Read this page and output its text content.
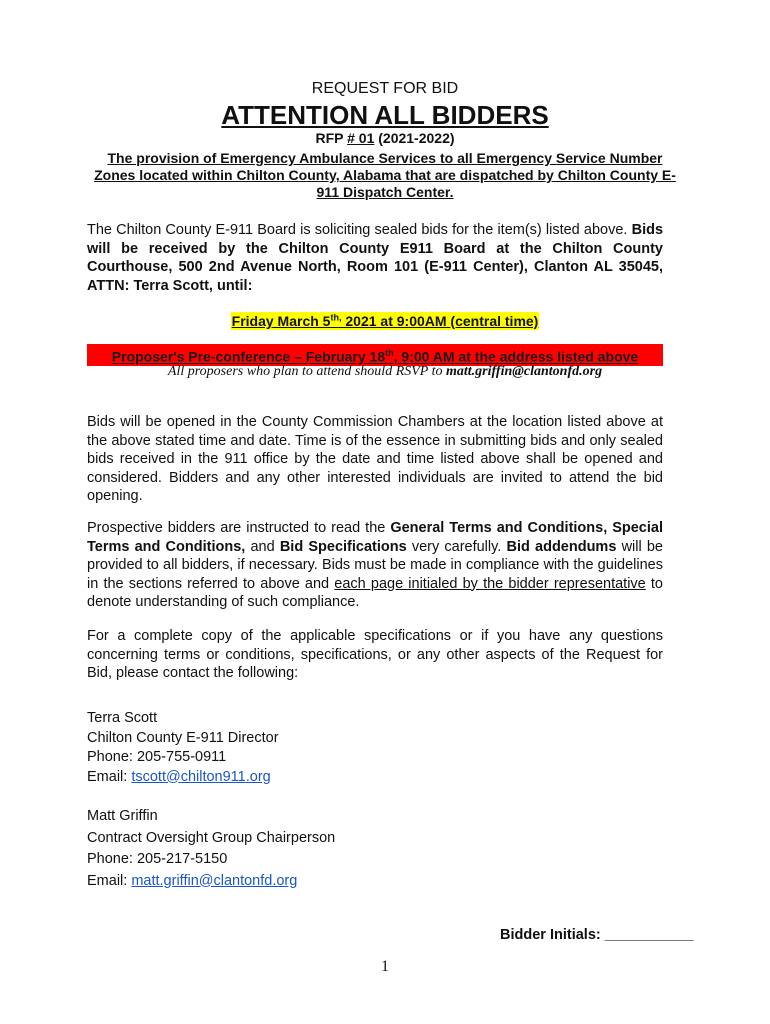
REQUEST FOR BID
ATTENTION ALL BIDDERS
RFP # 01 (2021-2022)
The provision of Emergency Ambulance Services to all Emergency Service Number Zones located within Chilton County, Alabama that are dispatched by Chilton County E-911 Dispatch Center.
The Chilton County E-911 Board is soliciting sealed bids for the item(s) listed above. Bids will be received by the Chilton County E911 Board at the Chilton County Courthouse, 500 2nd Avenue North, Room 101 (E-911 Center), Clanton AL 35045, ATTN: Terra Scott, until:
Friday March $5^{th,}$ 2021 at 9:00AM (central time)
Proposer's Pre-conference – February 18th, 9:00 AM at the address listed above
All proposers who plan to attend should RSVP to matt.griffin@clantonfd.org
Bids will be opened in the County Commission Chambers at the location listed above at the above stated time and date. Time is of the essence in submitting bids and only sealed bids received in the 911 office by the date and time listed above shall be opened and considered. Bidders and any other interested individuals are invited to attend the bid opening.
Prospective bidders are instructed to read the General Terms and Conditions, Special Terms and Conditions, and Bid Specifications very carefully. Bid addendums will be provided to all bidders, if necessary. Bids must be made in compliance with the guidelines in the sections referred to above and each page initialed by the bidder representative to denote understanding of such compliance.
For a complete copy of the applicable specifications or if you have any questions concerning terms or conditions, specifications, or any other aspects of the Request for Bid, please contact the following:
Terra Scott
Chilton County E-911 Director
Phone: 205-755-0911
Email: tscott@chilton911.org
Matt Griffin
Contract Oversight Group Chairperson
Phone: 205-217-5150
Email: matt.griffin@clantonfd.org
Bidder Initials: ___________
1
